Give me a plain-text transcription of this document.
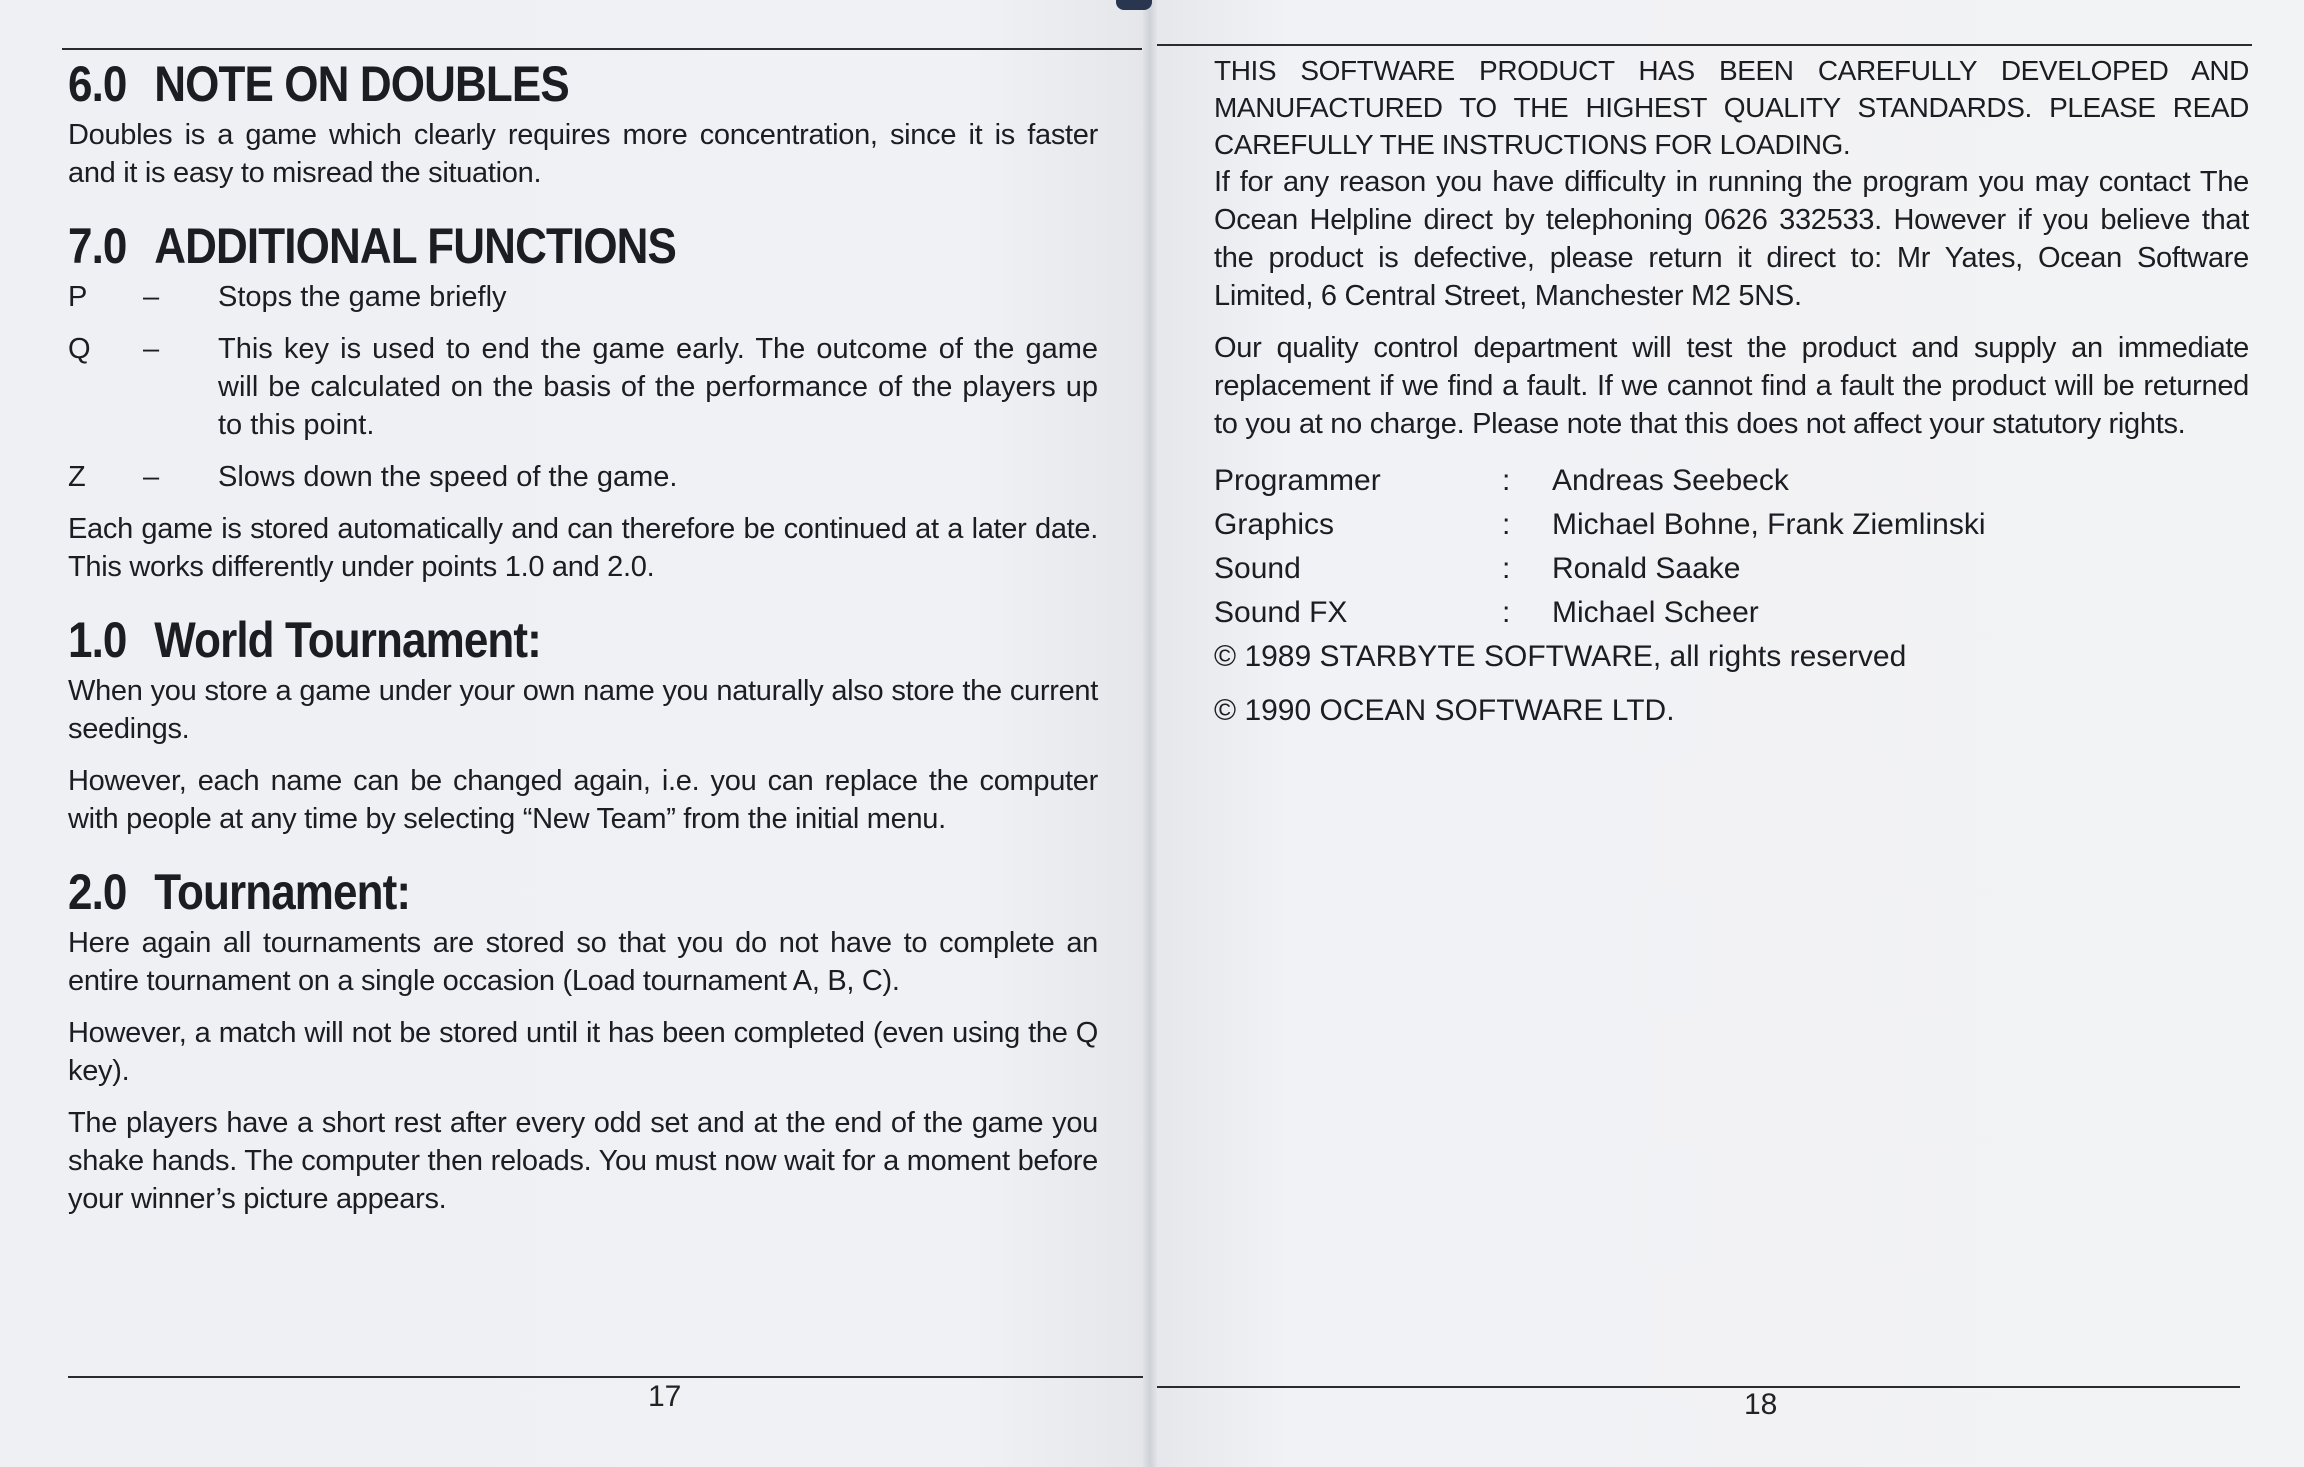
6.0 NOTE ON DOUBLES

Doubles is a game which clearly requires more concentration, since it is faster and it is easy to misread the situation.

7.0 ADDITIONAL FUNCTIONS
P	–	Stops the game briefly
Q	–	This key is used to end the game early. The outcome of the game will be calculated on the basis of the performance of the players up to this point.
Z	–	Slows down the speed of the game.

Each game is stored automatically and can therefore be continued at a later date. This works differently under points 1.0 and 2.0.

1.0 World Tournament:

When you store a game under your own name you naturally also store the current seedings.

However, each name can be changed again, i.e. you can replace the computer with people at any time by selecting “New Team” from the initial menu.

2.0 Tournament:

Here again all tournaments are stored so that you do not have to complete an entire tournament on a single occasion (Load tournament A, B, C).

However, a match will not be stored until it has been completed (even using the Q key).

The players have a short rest after every odd set and at the end of the game you shake hands. The computer then reloads. You must now wait for a moment before your winner’s picture appears.

17

THIS SOFTWARE PRODUCT HAS BEEN CAREFULLY DEVELOPED AND MANUFACTURED TO THE HIGHEST QUALITY STANDARDS. PLEASE READ CAREFULLY THE INSTRUCTIONS FOR LOADING.

If for any reason you have difficulty in running the program you may contact The Ocean Helpline direct by telephoning 0626 332533. However if you believe that the product is defective, please return it direct to: Mr Yates, Ocean Software Limited, 6 Central Street, Manchester M2 5NS.

Our quality control department will test the product and supply an immediate replacement if we find a fault. If we cannot find a fault the product will be returned to you at no charge. Please note that this does not affect your statutory rights.

Programmer	:	Andreas Seebeck
Graphics	:	Michael Bohne, Frank Ziemlinski
Sound	:	Ronald Saake
Sound FX	:	Michael Scheer
© 1989 STARBYTE SOFTWARE, all rights reserved
© 1990 OCEAN SOFTWARE LTD.
18
